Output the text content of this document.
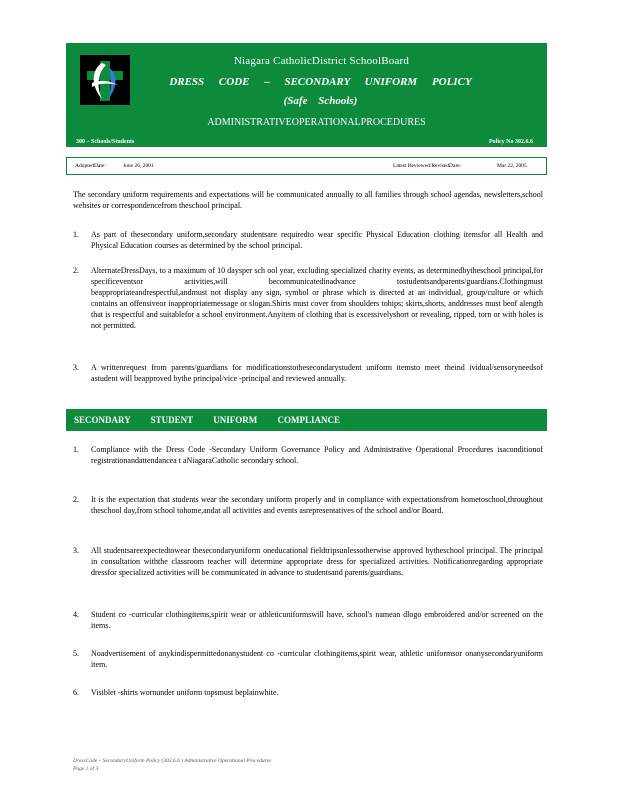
Niagara CatholicDistrict SchoolBoard
DRESS CODE – SECONDARY UNIFORM POLICY
(Safe Schools)
ADMINISTRATIVEOPERATIONALPROCEDURES
300 – Schools/Students	Policy No 302.6.6
AdoptedDate:	June 26, 2001	Latest Reviewed/RevisedDate:	Mar 22, 2005
The secondary uniform requirements and expectations will be communicated annually to all families through school agendas, newsletters,school websites or correspondencefrom theschool principal.
1.	As part of thesecondary uniform,secondary studentsare requiredto wear specific Physical Education clothing itemsfor all Health and Physical Education courses as determined by the school principal.
2.	AlternateDressDays, to a maximum of 10 daysper sch ool year, excluding specialized charity events, as determinedbytheschool principal,for specificeventsor activities,will becommunicatedinadvance tostudentsandparents/guardians.Clothingmust beappropriateandrespectful,andmust not display any sign, symbol or phrase which is directed at an individual, group/culture or which contains an offensiveor inappropriatemessage or slogan.Shirts must cover from shoulders tohips; skirts,shorts, anddresses must beof alength that is respectful and suitablefor a school environment.Anyitem of clothing that is excessivelyshort or revealing, ripped, torn or with holes is not permitted.
3.	A writtenrequest from parents/guardians for modificationstothesecondarystudent uniform itemsto meet theind ividual/sensoryneedsof astudent will beapproved bythe principal/vice -principal and reviewed annually.
SECONDARY STUDENT UNIFORM COMPLIANCE
1.	Compliance with the Dress Code -Secondary Uniform Governance Policy and Administrative Operational Procedures isaconditionof registrationandattendancea t aNiagaraCatholic secondary school.
2.	It is the expectation that students wear the secondary uniform properly and in compliance with expectationsfrom hometoschool,throughout theschool day,from school tohome,andat all activities and events asrepresentatives of the school and/or Board.
3.	All studentsareexpectedtowear thesecondaryuniform oneducational fieldtripsunlessotherwise approved bytheschool principal. The principal in consultation withthe classroom teacher will determine appropriate dress for specialized activities. Notificationregarding appropriate dressfor specialized activities will be communicated in advance to studentsand parents/guardians.
4.	Student co -curricular clothingitems,spirit wear or athleticuniformswill have, school's namean dlogo embroidered and/or screened on the items.
5.	Noadvertisement of anykindispermittedonanystudent co -curricular clothingitems,spirit wear, athletic uniformsor onanysecondaryuniform item.
6.	Visiblet -shirts wornunder uniform topsmust beplainwhite.
DressCode – SecondaryUniform Policy (302.6.6 ) Administrative Operational Procedures
Page 1 of 3
